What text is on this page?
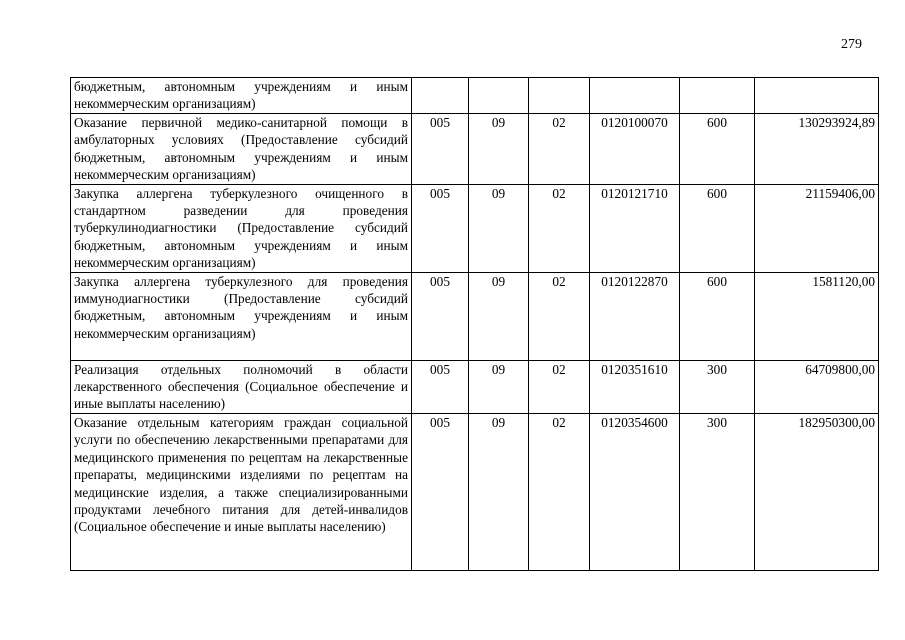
279
бюджетным, автономным учреждениям и иным некоммерческим организациям)						
Оказание первичной медико-санитарной помощи в амбулаторных условиях (Предоставление субсидий бюджетным, автономным учреждениям и иным некоммерческим организациям)	005	09	02	0120100070	600	130293924,89
Закупка аллергена туберкулезного очищенного в стандартном разведении для проведения туберкулинодиагностики (Предоставление субсидий бюджетным, автономным учреждениям и иным некоммерческим организациям)	005	09	02	0120121710	600	21159406,00
Закупка аллергена туберкулезного для проведения иммунодиагностики (Предоставление субсидий бюджетным, автономным учреждениям и иным некоммерческим организациям)	005	09	02	0120122870	600	1581120,00
Реализация отдельных полномочий в области лекарственного обеспечения (Социальное обеспечение и иные выплаты населению)	005	09	02	0120351610	300	64709800,00
Оказание отдельным категориям граждан социальной услуги по обеспечению лекарственными препаратами для медицинского применения по рецептам на лекарственные препараты, медицинскими изделиями по рецептам на медицинские изделия, а также специализированными продуктами лечебного питания для детей-инвалидов (Социальное обеспечение и иные выплаты населению)	005	09	02	0120354600	300	182950300,00
